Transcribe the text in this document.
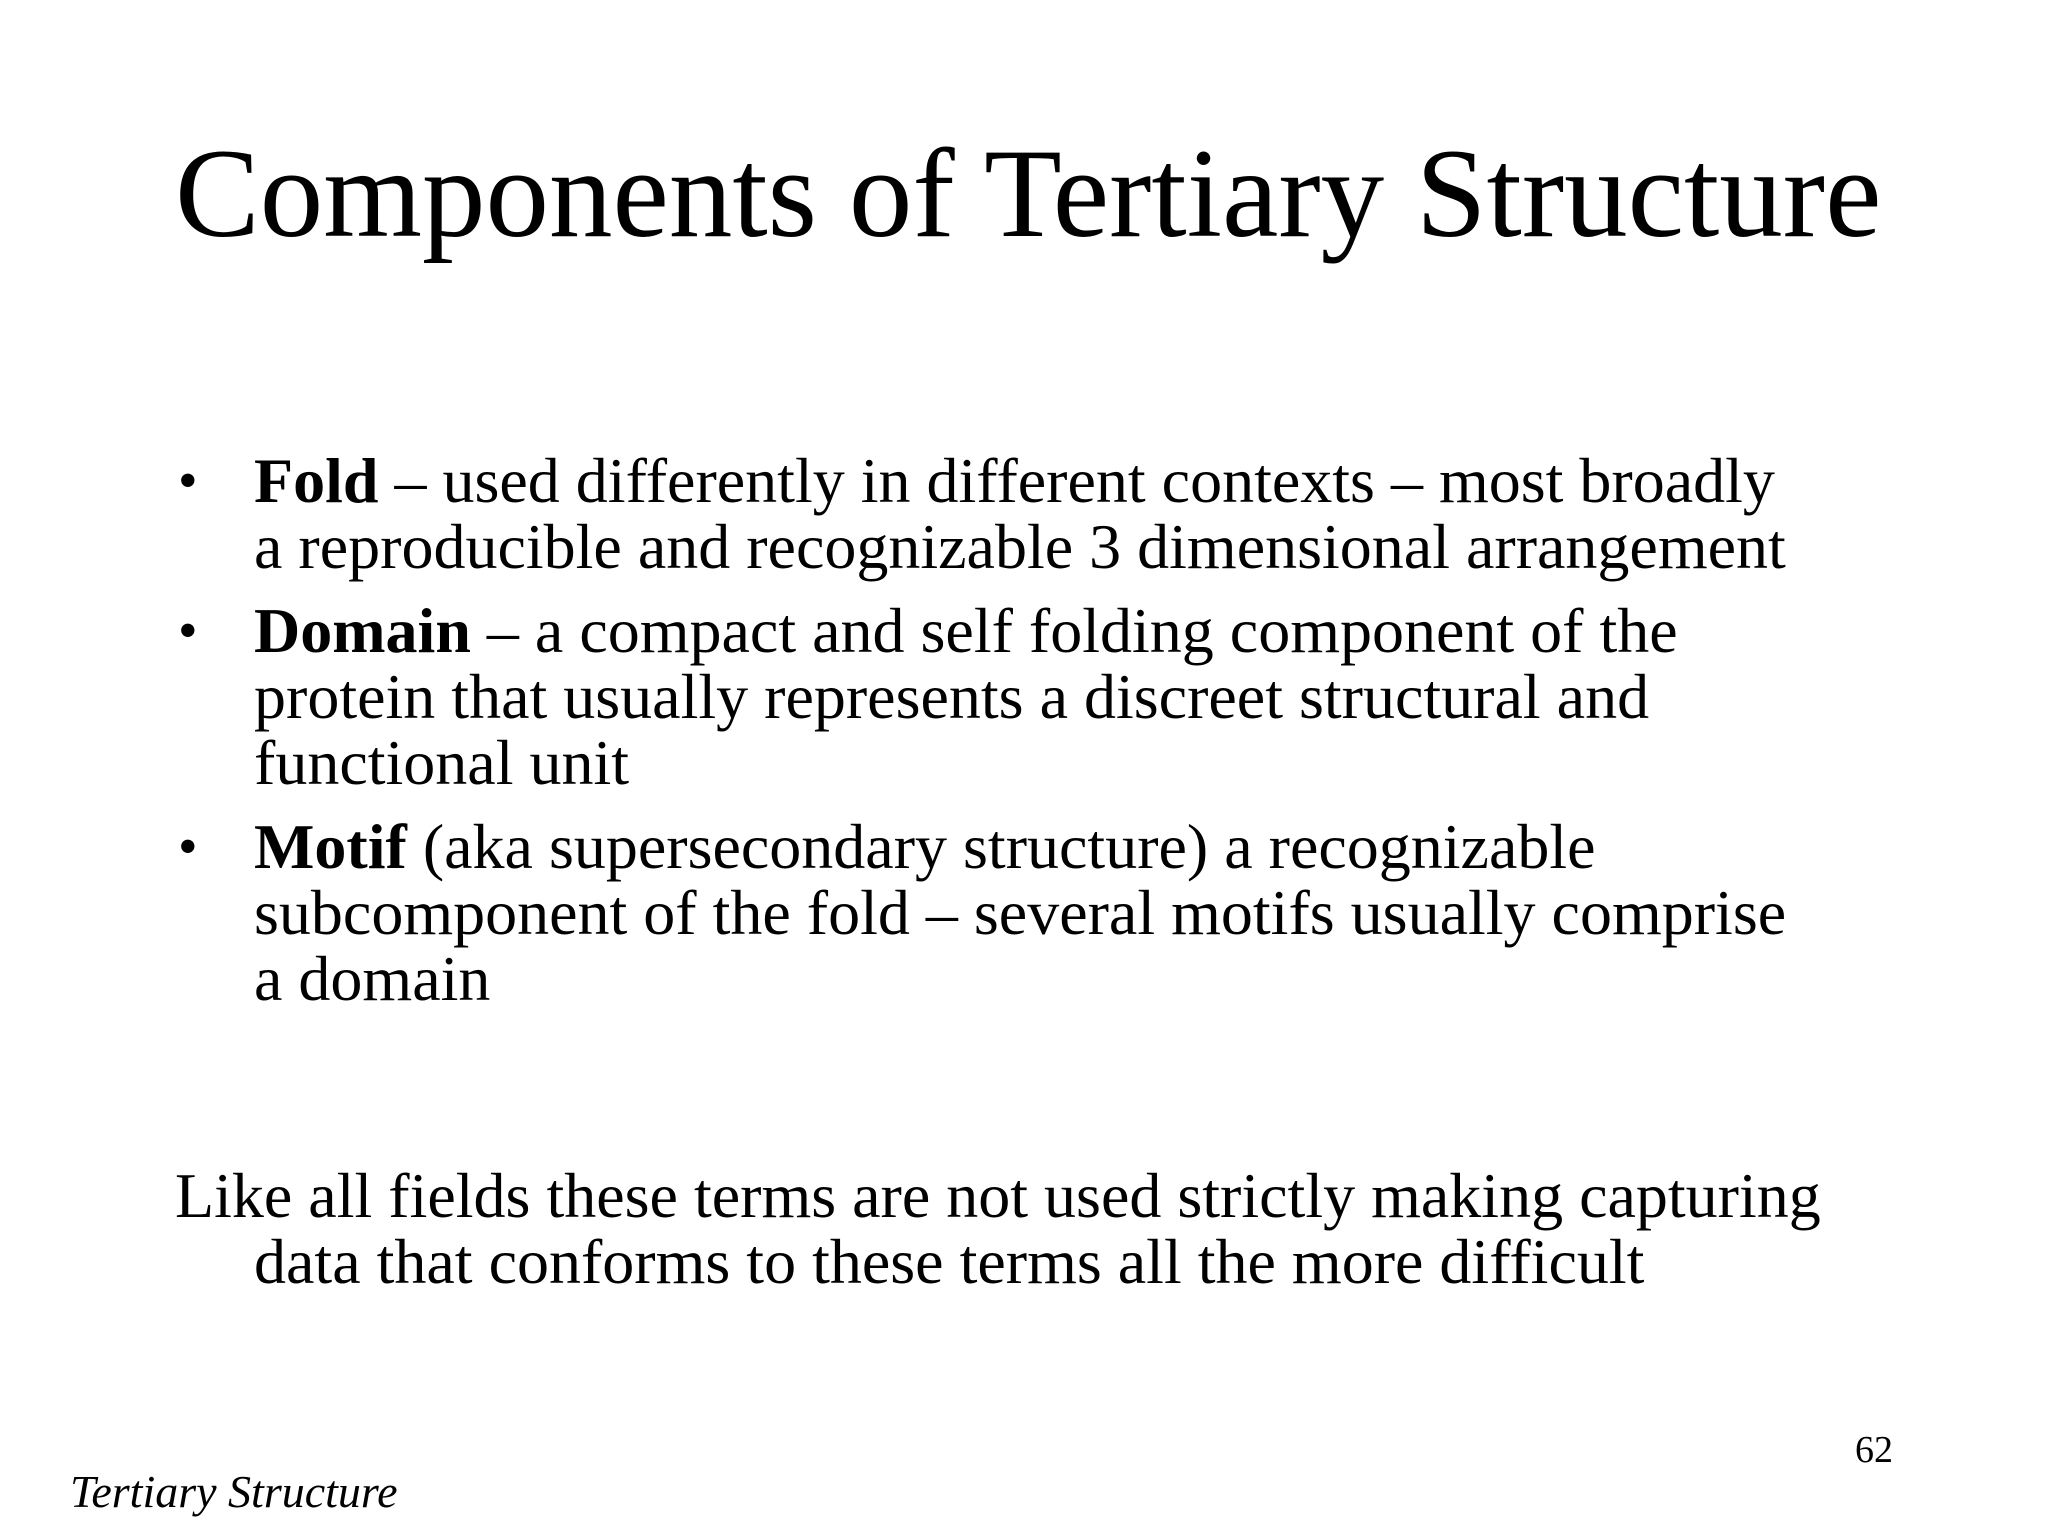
Components of Tertiary Structure
• Fold – used differently in different contexts – most broadly a reproducible and recognizable 3 dimensional arrangement
• Domain – a compact and self folding component of the protein that usually represents a discreet structural and functional unit
• Motif (aka supersecondary structure) a recognizable subcomponent of the fold – several motifs usually comprise a domain

Like all fields these terms are not used strictly making capturing data that conforms to these terms all the more difficult

62
Tertiary Structure
